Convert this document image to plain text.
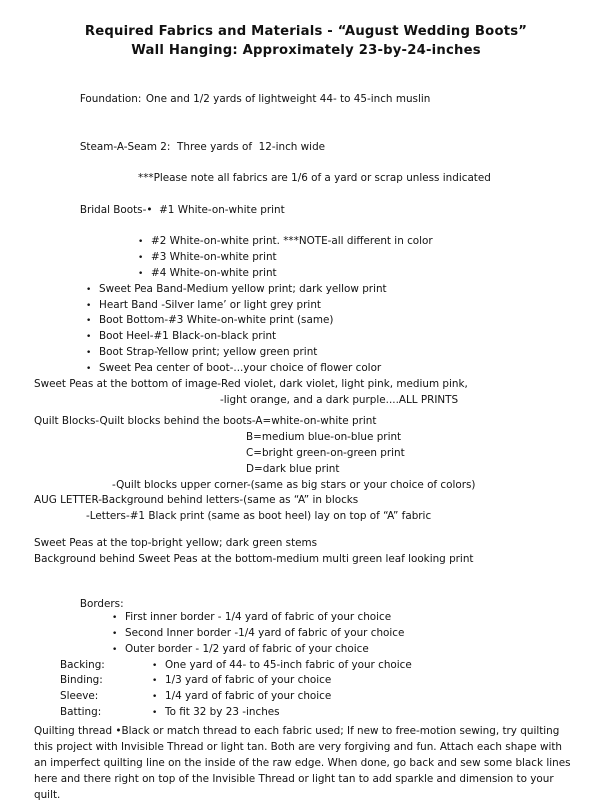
Required Fabrics and Materials - “August Wedding Boots”
Wall Hanging: Approximately 23-by-24-inches

Foundation: One and 1/2 yards of lightweight 44- to 45-inch muslin

Steam-A-Seam 2: Three yards of  12-inch wide

***Please note all fabrics are 1/6 of a yard or scrap unless indicated

Bridal Boots-• #1 White-on-white print

• #2 White-on-white print. ***NOTE-all different in color
• #3 White-on-white print
• #4 White-on-white print
• Sweet Pea Band-Medium yellow print; dark yellow print
• Heart Band -Silver lame’ or light grey print
• Boot Bottom-#3 White-on-white print (same)
• Boot Heel-#1 Black-on-black print
• Boot Strap-Yellow print; yellow green print
• Sweet Pea center of boot-...your choice of flower color
Sweet Peas at the bottom of image-Red violet, dark violet, light pink, medium pink,
-light orange, and a dark purple....ALL PRINTS
Quilt Blocks-Quilt blocks behind the boots-A=white-on-white print
B=medium blue-on-blue print
C=bright green-on-green print
D=dark blue print
-Quilt blocks upper corner-(same as big stars or your choice of colors)
AUG LETTER-Background behind letters-(same as “A” in blocks
-Letters-#1 Black print (same as boot heel) lay on top of “A” fabric
Sweet Peas at the top-bright yellow; dark green stems
Background behind Sweet Peas at the bottom-medium multi green leaf looking print

Borders:

• First inner border - 1/4 yard of fabric of your choice
• Second Inner border -1/4 yard of fabric of your choice
• Outer border - 1/2 yard of fabric of your choice
Backing:	• One yard of 44- to 45-inch fabric of your choice
Binding:	• 1/3 yard of fabric of your choice
Sleeve:	• 1/4 yard of fabric of your choice
Batting:	• To fit 32 by 23 -inches
Quilting thread •Black or match thread to each fabric used; If new to free-motion sewing, try quilting this project with Invisible Thread or light tan. Both are very forgiving and fun. Attach each shape with an imperfect quilting line on the inside of the raw edge. When done, go back and sew some black lines here and there right on top of the Invisible Thread or light tan to add sparkle and dimension to your quilt.
